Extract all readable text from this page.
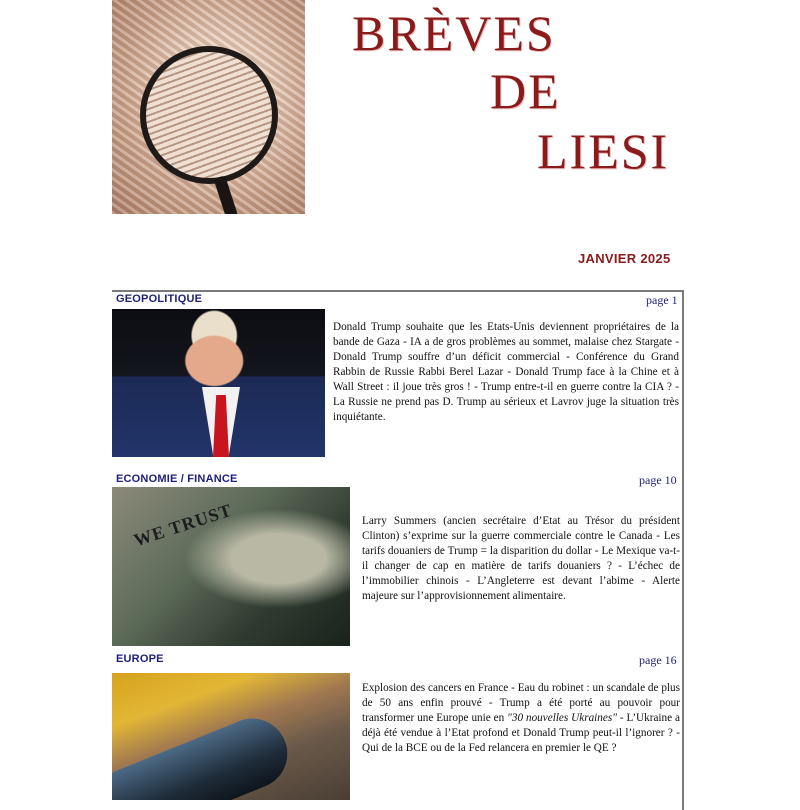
BRÈVES
DE
LIESI
JANVIER 2025
GEOPOLITIQUE	page 1
Donald Trump souhaite que les Etats-Unis deviennent propriétaires de la bande de Gaza - IA a de gros problèmes au sommet, malaise chez Stargate - Donald Trump souffre d’un déficit commercial - Conférence du Grand Rabbin de Russie Rabbi Berel Lazar - Donald Trump face à la Chine et à Wall Street : il joue très gros ! - Trump entre-t-il en guerre contre la CIA ? - La Russie ne prend pas D. Trump au sérieux et Lavrov juge la situation très inquiétante.
ECONOMIE / FINANCE	page 10
WE TRUST	Larry Summers (ancien secrétaire d’Etat au Trésor du président Clinton) s’exprime sur la guerre commerciale contre le Canada - Les tarifs douaniers de Trump = la disparition du dollar - Le Mexique va-t-il changer de cap en matière de tarifs douaniers ? - L’échec de l’immobilier chinois - L’Angleterre est devant l’abime - Alerte majeure sur l’approvisionnement alimentaire.
EUROPE	page 16
Explosion des cancers en France - Eau du robinet : un scandale de plus de 50 ans enfin prouvé - Trump a été porté au pouvoir pour transformer une Europe unie en "30 nouvelles Ukraines" - L’Ukraine a déjà été vendue à l’Etat profond et Donald Trump peut-il l’ignorer ? - Qui de la BCE ou de la Fed relancera en premier le QE ?
